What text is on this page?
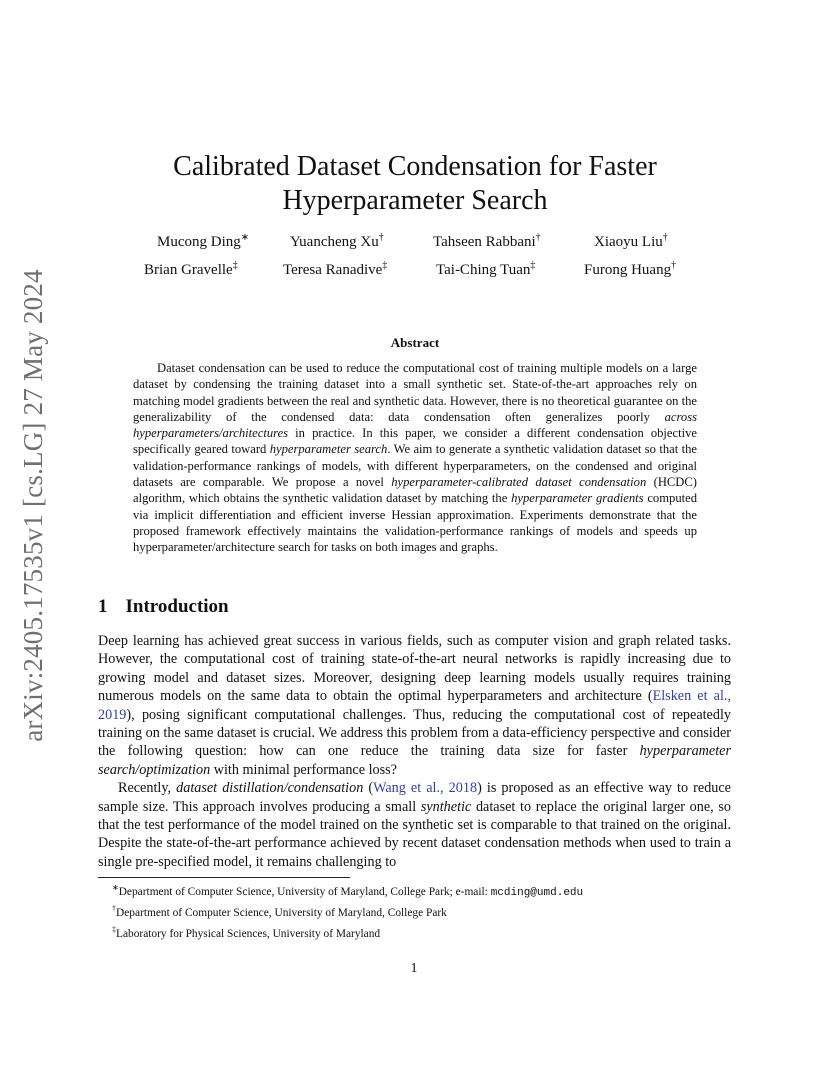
arXiv:2405.17535v1 [cs.LG] 27 May 2024
Calibrated Dataset Condensation for Faster Hyperparameter Search
Mucong Ding∗	Yuancheng Xu†	Tahseen Rabbani†	Xiaoyu Liu†
Brian Gravelle‡	Teresa Ranadive‡	Tai-Ching Tuan‡	Furong Huang†
Abstract

Dataset condensation can be used to reduce the computational cost of training multiple models on a large dataset by condensing the training dataset into a small synthetic set. State-of-the-art approaches rely on matching model gradients between the real and synthetic data. However, there is no theoretical guarantee on the generalizability of the condensed data: data condensation often generalizes poorly across hyperparameters/architectures in practice. In this paper, we consider a different condensation objective specifically geared toward hyperparameter search. We aim to generate a synthetic validation dataset so that the validation-performance rankings of models, with different hyperparameters, on the condensed and original datasets are comparable. We propose a novel hyperparameter-calibrated dataset condensation (HCDC) algorithm, which obtains the synthetic validation dataset by matching the hyperparameter gradients computed via implicit differentiation and efficient inverse Hessian approximation. Experiments demonstrate that the proposed framework effectively maintains the validation-performance rankings of models and speeds up hyperparameter/architecture search for tasks on both images and graphs.

1 Introduction

Deep learning has achieved great success in various fields, such as computer vision and graph related tasks. However, the computational cost of training state-of-the-art neural networks is rapidly increasing due to growing model and dataset sizes. Moreover, designing deep learning models usually requires training numerous models on the same data to obtain the optimal hyperparameters and architecture (Elsken et al., 2019), posing significant computational challenges. Thus, reducing the computational cost of repeatedly training on the same dataset is crucial. We address this problem from a data-efficiency perspective and consider the following question: how can one reduce the training data size for faster hyperparameter search/optimization with minimal performance loss?

Recently, dataset distillation/condensation (Wang et al., 2018) is proposed as an effective way to reduce sample size. This approach involves producing a small synthetic dataset to replace the original larger one, so that the test performance of the model trained on the synthetic set is comparable to that trained on the original. Despite the state-of-the-art performance achieved by recent dataset condensation methods when used to train a single pre-specified model, it remains challenging to

∗Department of Computer Science, University of Maryland, College Park; e-mail: mcding@umd.edu
†Department of Computer Science, University of Maryland, College Park
‡Laboratory for Physical Sciences, University of Maryland
1
